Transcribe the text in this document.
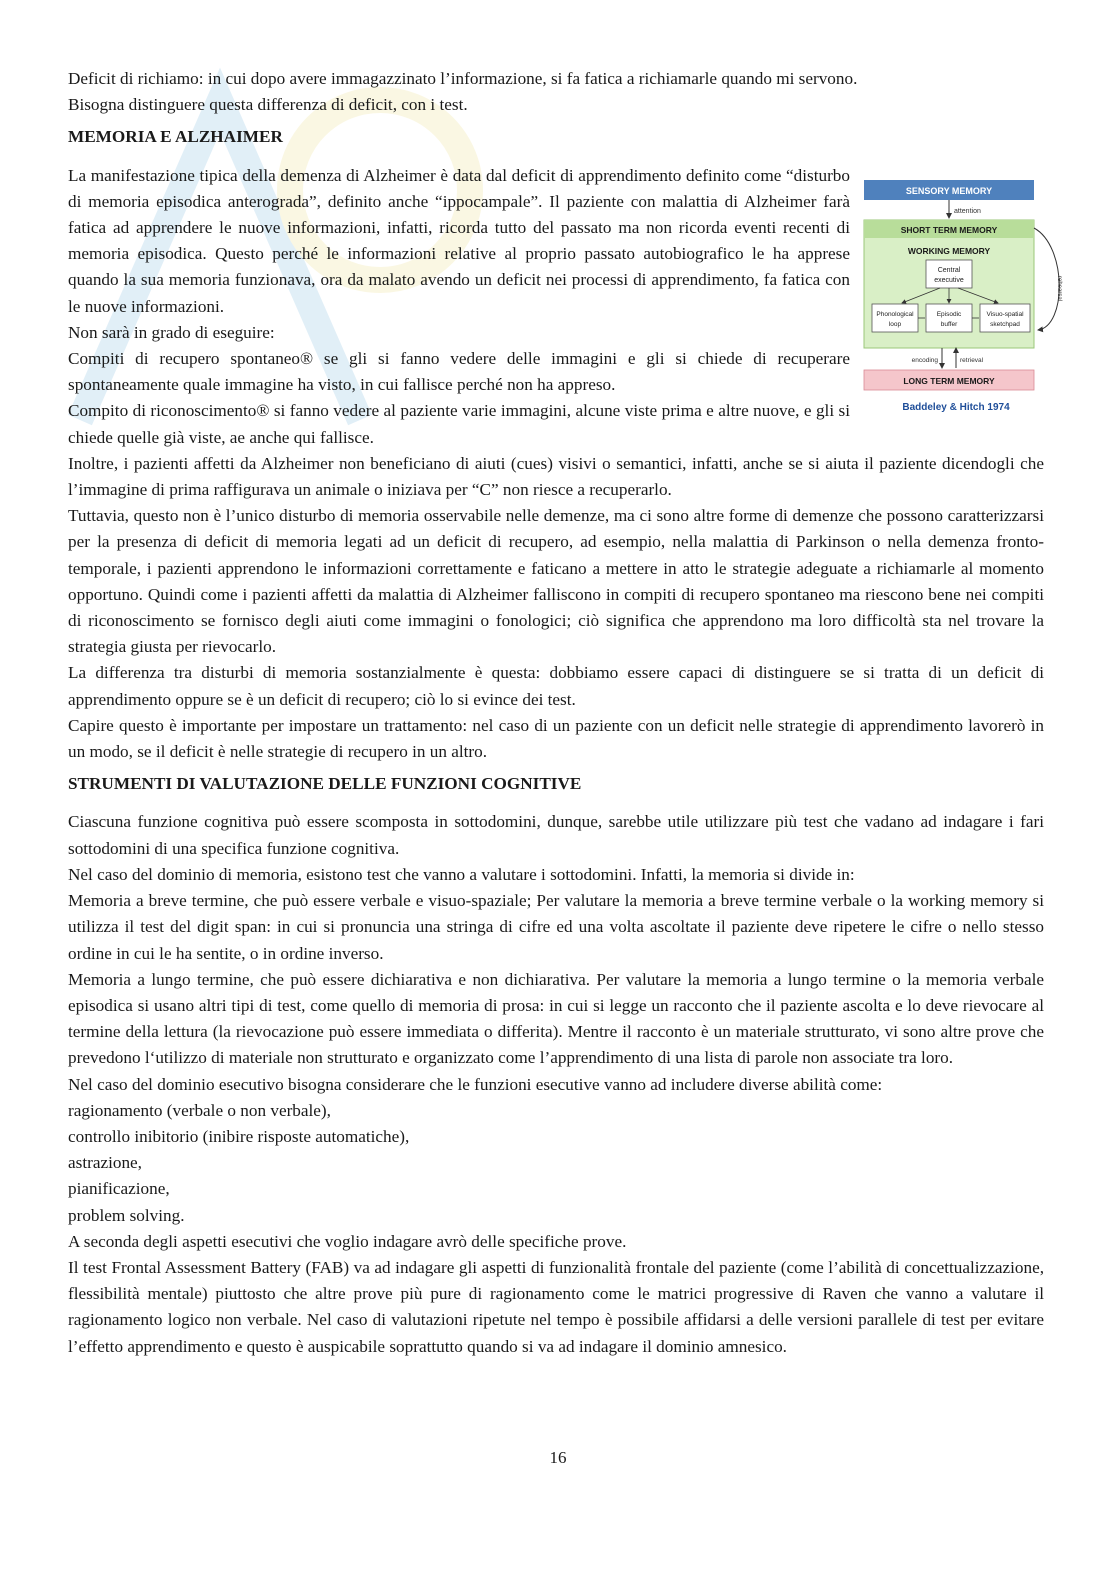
Deficit di richiamo: in cui dopo avere immagazzinato l’informazione, si fa fatica a richiamarle quando mi servono.

Bisogna distinguere questa differenza di deficit, con i test.

MEMORIA E ALZHAIMER

La manifestazione tipica della demenza di Alzheimer è data dal deficit di apprendimento definito come “disturbo di memoria episodica anterograda”, definito anche “ippocampale”. Il paziente con malattia di Alzheimer farà fatica ad apprendere le nuove informazioni, infatti, ricorda tutto del passato ma non ricorda eventi recenti di memoria episodica. Questo perché le informazioni relative al proprio passato autobiografico le ha apprese quando la sua memoria funzionava, ora da malato avendo un deficit nei processi di apprendimento, fa fatica con le nuove informazioni.

Non sarà in grado di eseguire:

Compiti di recupero spontaneo® se gli si fanno vedere delle immagini e gli si chiede di recuperare spontaneamente quale immagine ha visto, in cui fallisce perché non ha appreso.

Compito di riconoscimento® si fanno vedere al paziente varie immagini, alcune viste prima e altre nuove, e gli si chiede quelle già viste, ae anche qui fallisce.

Inoltre, i pazienti affetti da Alzheimer non beneficiano di aiuti (cues) visivi o semantici, infatti, anche se si aiuta il paziente dicendogli che l’immagine di prima raffigurava un animale o iniziava per “C” non riesce a recuperarlo.

Tuttavia, questo non è l’unico disturbo di memoria osservabile nelle demenze, ma ci sono altre forme di demenze che possono caratterizzarsi per la presenza di deficit di memoria legati ad un deficit di recupero, ad esempio, nella malattia di Parkinson o nella demenza fronto-temporale, i pazienti apprendono le informazioni correttamente e faticano a mettere in atto le strategie adeguate a richiamarle al momento opportuno. Quindi come i pazienti affetti da malattia di Alzheimer falliscono in compiti di recupero spontaneo ma riescono bene nei compiti di riconoscimento se fornisco degli aiuti come immagini o fonologici; ciò significa che apprendono ma loro difficoltà sta nel trovare la strategia giusta per rievocarlo.

La differenza tra disturbi di memoria sostanzialmente è questa: dobbiamo essere capaci di distinguere se si tratta di un deficit di apprendimento oppure se è un deficit di recupero; ciò lo si evince dei test.

Capire questo è importante per impostare un trattamento: nel caso di un paziente con un deficit nelle strategie di apprendimento lavorerò in un modo, se il deficit è nelle strategie di recupero in un altro.

STRUMENTI DI VALUTAZIONE DELLE FUNZIONI COGNITIVE

Ciascuna funzione cognitiva può essere scomposta in sottodomini, dunque, sarebbe utile utilizzare più test che vadano ad indagare i fari sottodomini di una specifica funzione cognitiva.

Nel caso del dominio di memoria, esistono test che vanno a valutare i sottodomini. Infatti, la memoria si divide in:

Memoria a breve termine, che può essere verbale e visuo-spaziale; Per valutare la memoria a breve termine verbale o la working memory si utilizza il test del digit span: in cui si pronuncia una stringa di cifre ed una volta ascoltate il paziente deve ripetere le cifre o nello stesso ordine in cui le ha sentite, o in ordine inverso.

Memoria a lungo termine, che può essere dichiarativa e non dichiarativa. Per valutare la memoria a lungo termine o la memoria verbale episodica si usano altri tipi di test, come quello di memoria di prosa: in cui si legge un racconto che il paziente ascolta e lo deve rievocare al termine della lettura (la rievocazione può essere immediata o differita). Mentre il racconto è un materiale strutturato, vi sono altre prove che prevedono l‘utilizzo di materiale non strutturato e organizzato come l’apprendimento di una lista di parole non associate tra loro.

Nel caso del dominio esecutivo bisogna considerare che le funzioni esecutive vanno ad includere diverse abilità come:

ragionamento (verbale o non verbale),

controllo inibitorio (inibire risposte automatiche),

astrazione,

pianificazione,

problem solving.

A seconda degli aspetti esecutivi che voglio indagare avrò delle specifiche prove.

Il test Frontal Assessment Battery (FAB) va ad indagare gli aspetti di funzionalità frontale del paziente (come l’abilità di concettualizzazione, flessibilità mentale) piuttosto che altre prove più pure di ragionamento come le matrici progressive di Raven che vanno a valutare il ragionamento logico non verbale. Nel caso di valutazioni ripetute nel tempo è possibile affidarsi a delle versioni parallele di test per evitare l’effetto apprendimento e questo è auspicabile soprattutto quando si va ad indagare il dominio amnesico.

SENSORY MEMORY
attention
SHORT TERM MEMORY
WORKING MEMORY
Central
executive
Phonological
loop
Episodic
buffer
Visuo-spatial
sketchpad
rehearsal
encoding	retrieval
LONG TERM MEMORY
Baddeley & Hitch 1974
16
